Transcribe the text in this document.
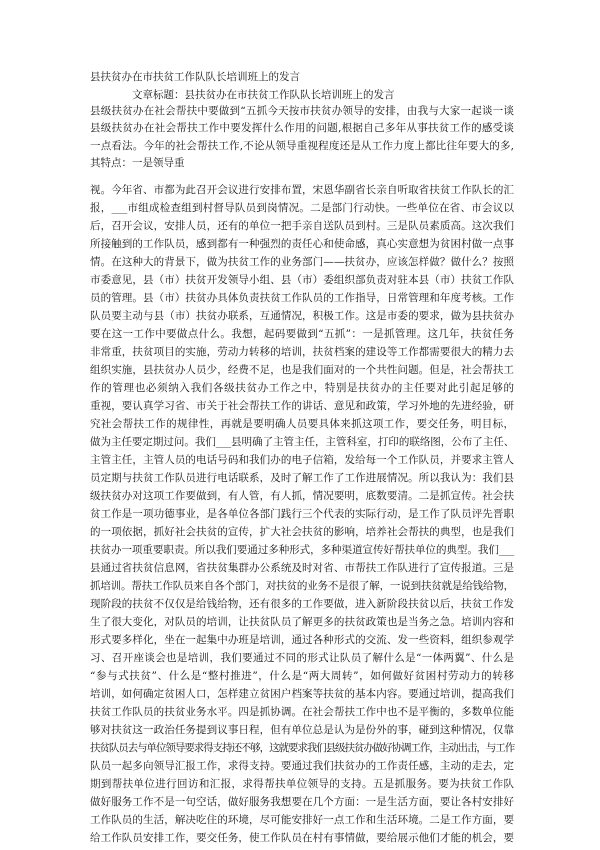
县扶贫办在市扶贫工作队队长培训班上的发言
文章标题：县扶贫办在市扶贫工作队队长培训班上的发言
县级扶贫办在社会帮扶中要做到“五抓今天按市扶贫办领导的安排，由我与大家一起谈一谈
县级扶贫办在社会帮扶工作中要发挥什么作用的问题,根据自己多年从事扶贫工作的感受谈
一点看法。今年的社会帮扶工作,不论从领导重视程度还是从工作力度上都比往年要大的多,
其特点：一是领导重
视。今年省、市都为此召开会议进行安排布置，宋恩华副省长亲自听取省扶贫工作队长的汇
报，___市组成检查组到村督导队员到岗情况。二是部门行动快。一些单位在省、市会议以
后，召开会议，安排人员，还有的单位一把手亲自送队员到村。三是队员素质高。这次我们
所接触到的工作队员，感到都有一种强烈的责任心和使命感，真心实意想为贫困村做一点事
情。在这种大的背景下，做为扶贫工作的业务部门——扶贫办，应该怎样做？做什么？按照
市委意见，县（市）扶贫开发领导小组、县（市）委组织部负责对驻本县（市）扶贫工作队
员的管理。县（市）扶贫办具体负责扶贫工作队员的工作指导，日常管理和年度考核。工作
队员要主动与县（市）扶贫办联系，互通情况，积极工作。这是市委的要求，做为县扶贫办
要在这一工作中要做点什么。我想，起码要做到“五抓”：一是抓管理。这几年，扶贫任务
非常重，扶贫项目的实施，劳动力转移的培训，扶贫档案的建设等工作都需要很大的精力去
组织实施，县扶贫办人员少，经费不足，也是我们面对的一个共性问题。但是，社会帮扶工
作的管理也必须纳入我们各级扶贫办工作之中，特别是扶贫办的主任要对此引起足够的
重视，要认真学习省、市关于社会帮扶工作的讲话、意见和政策，学习外地的先进经验，研
究社会帮扶工作的规律性，再就是要明确人员要具体来抓这项工作，要交任务，明目标，
做为主任要定期过问。我们___县明确了主管主任，主管科室，打印的联络图，公布了主任、
主管主任，主管人员的电话号码和我们办的电子信箱，发给每一个工作队员，并要求主管人
员定期与扶贫工作队员进行电话联系，及时了解工作了工作进展情况。所以我认为：我们县
级扶贫办对这项工作要做到，有人管，有人抓，情况要明，底数要清。二是抓宣传。社会扶
贫工作是一项功德事业，是各单位各部门践行三个代表的实际行动，是工作了队员评先晋职
的一项依据，抓好社会扶贫的宣传，扩大社会扶贫的影响，培养社会帮扶的典型，也是我们
扶贫办一项重要职责。所以我们要通过多种形式，多种渠道宣传好帮扶单位的典型。我们___
县通过省扶贫信息网，省扶贫集群办公系统及时对省、市帮扶工作队进行了宣传报道。三是
抓培训。帮扶工作队员来自各个部门，对扶贫的业务不是很了解，一说到扶贫就是给钱给物，
现阶段的扶贫不仅仅是给钱给物，还有很多的工作要做，进入新阶段扶贫以后，扶贫工作发
生了很大变化，对队员的培训，让扶贫队员了解更多的扶贫政策也是当务之急。培训内容和
形式要多样化，坐在一起集中办班是培训，通过各种形式的交流、发一些资料，组织参观学
习、召开座谈会也是培训，我们要通过不同的形式让队员了解什么是“一体两翼”、什么是
“参与式扶贫”、什么是“整村推进”，什么是“两大周转”，如何做好贫困村劳动力的转移
培训，如何确定贫困人口，怎样建立贫困户档案等扶贫的基本内容。要通过培训，提高我们
扶贫工作队员的扶贫业务水平。四是抓协调。在社会帮扶工作中也不是平衡的，多数单位能
够对扶贫这一政治任务提到议事日程，但有单位总是认为是份外的事，碰到这种情况，仅靠
扶贫队员去与单位领导要求得支持还不够，这就要求我们县级扶贫办做好协调工作，主动出击，与工作
队员一起多向领导汇报工作，求得支持。要通过我们扶贫办的工作责任感，主动的走去，定
期到帮扶单位进行回访和汇报，求得帮扶单位领导的支持。五是抓服务。要为扶贫工作队
做好服务工作不是一句空话，做好服务我想要在几个方面：一是生活方面，要让各村安排好
工作队员的生活，解决吃住的环境，尽可能安排好一点工作和生活环境。二是工作方面，要
给工作队员安排工作，要交任务，使工作队员在村有事情做，要给展示他们才能的机会，要
